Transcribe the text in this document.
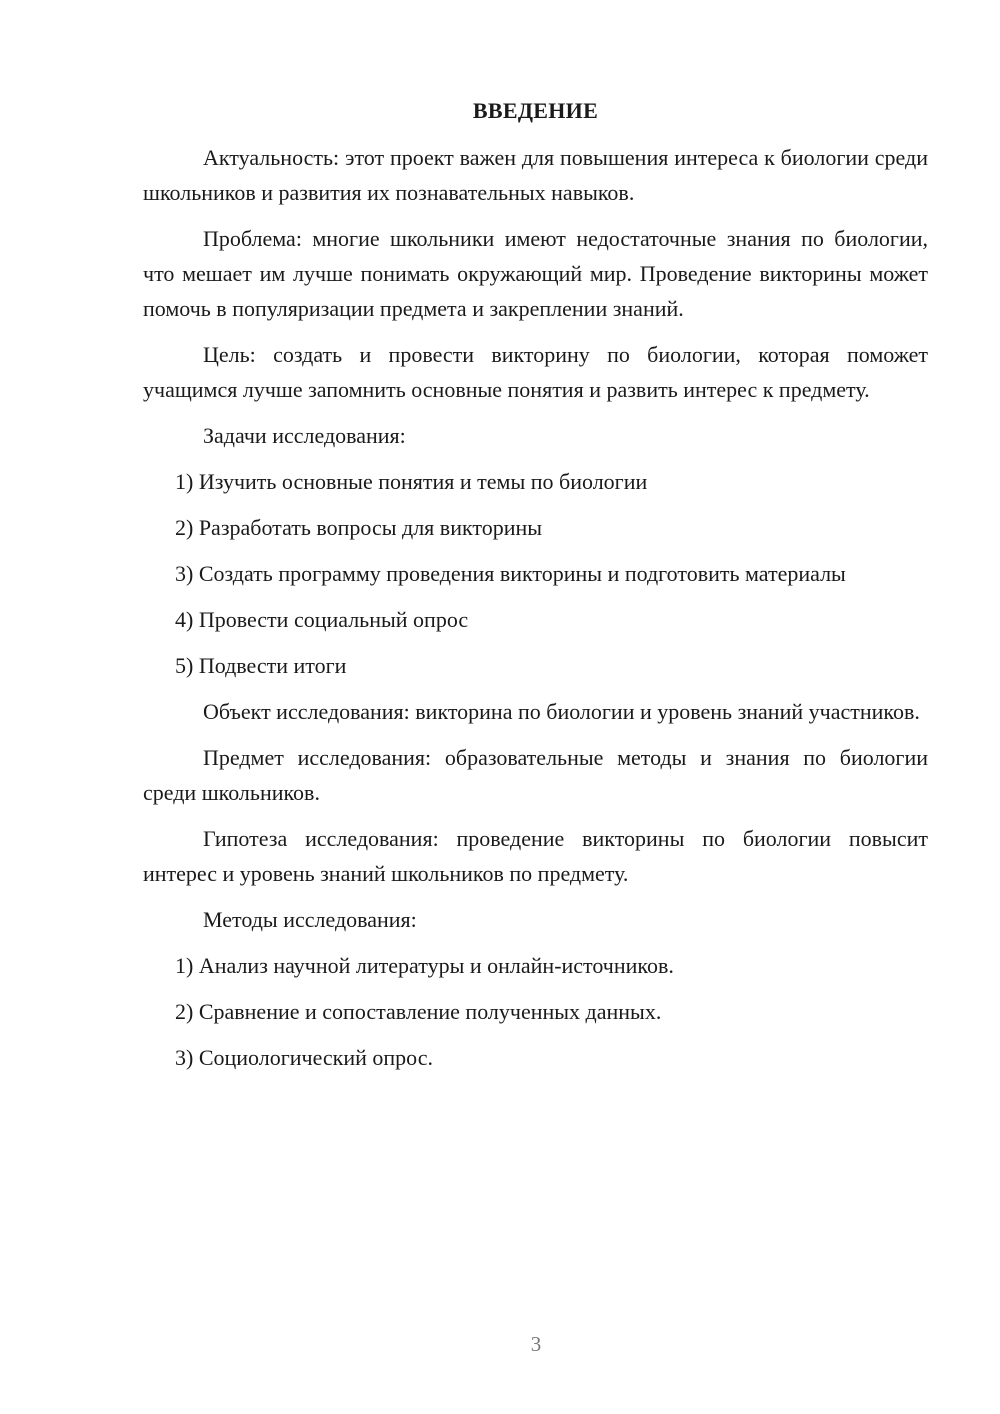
ВВЕДЕНИЕ

Актуальность: этот проект важен для повышения интереса к биологии среди школьников и развития их познавательных навыков.

Проблема: многие школьники имеют недостаточные знания по биологии, что мешает им лучше понимать окружающий мир. Проведение викторины может помочь в популяризации предмета и закреплении знаний.

Цель: создать и провести викторину по биологии, которая поможет учащимся лучше запомнить основные понятия и развить интерес к предмету.

Задачи исследования:

1) Изучить основные понятия и темы по биологии

2) Разработать вопросы для викторины

3) Создать программу проведения викторины и подготовить материалы

4) Провести социальный опрос

5) Подвести итоги

Объект исследования: викторина по биологии и уровень знаний участников.

Предмет исследования: образовательные методы и знания по биологии среди школьников.

Гипотеза исследования: проведение викторины по биологии повысит интерес и уровень знаний школьников по предмету.

Методы исследования:

1) Анализ научной литературы и онлайн-источников.

2) Сравнение и сопоставление полученных данных.

3) Социологический опрос.

3
